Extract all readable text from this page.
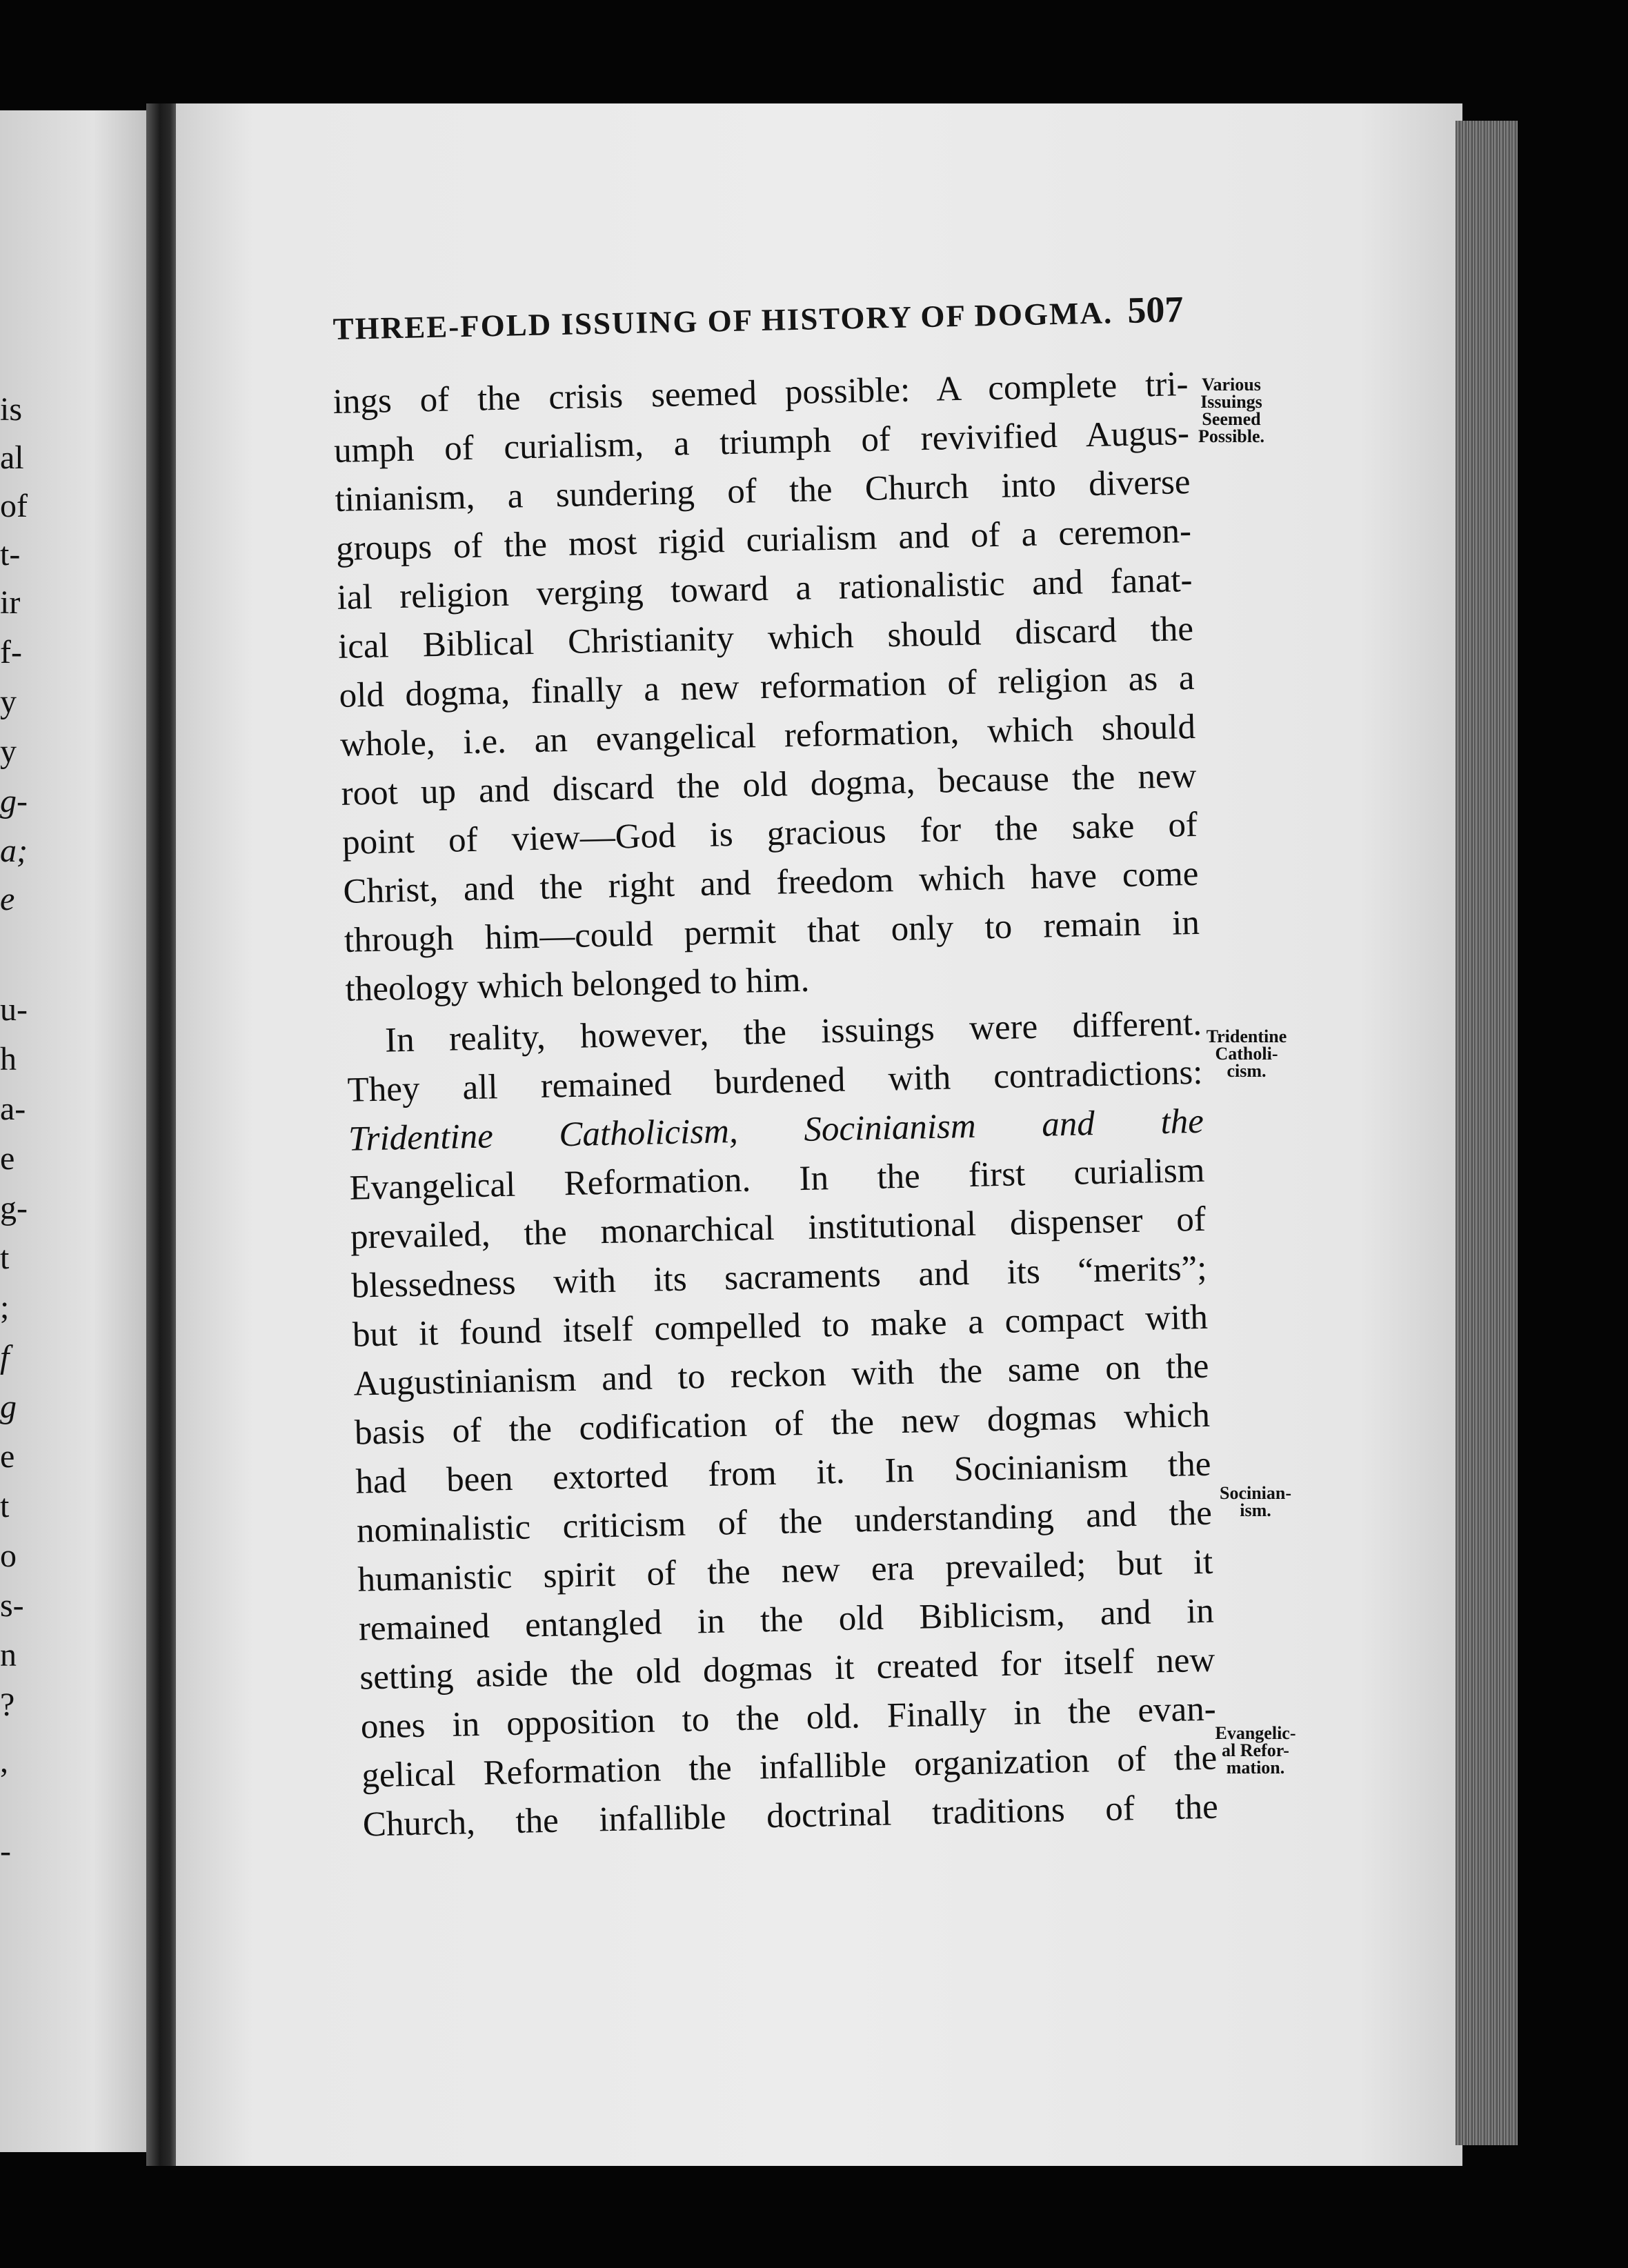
is
al
of
t-
ir
f-
y
y
g-
a;
e
u-
h
a-
e
g-
t
;
f
g
e
t
o
s-
n
?
,
-
THREE-FOLD ISSUING OF HISTORY OF DOGMA. 507
ings of the crisis seemed possible: A complete tri-
umph of curialism, a triumph of revivified Augus-
tinianism, a sundering of the Church into diverse
groups of the most rigid curialism and of a ceremon-
ial religion verging toward a rationalistic and fanat-
ical Biblical Christianity which should discard the
old dogma, finally a new reformation of religion as a
whole, i.e. an evangelical reformation, which should
root up and discard the old dogma, because the new
point of view—God is gracious for the sake of
Christ, and the right and freedom which have come
through him—could permit that only to remain in
theology which belonged to him.
In reality, however, the issuings were different.
They all remained burdened with contradictions:
Tridentine Catholicism, Socinianism and the
Evangelical Reformation. In the first curialism
prevailed, the monarchical institutional dispenser of
blessedness with its sacraments and its “merits”;
but it found itself compelled to make a compact with
Augustinianism and to reckon with the same on the
basis of the codification of the new dogmas which
had been extorted from it. In Socinianism the
nominalistic criticism of the understanding and the
humanistic spirit of the new era prevailed; but it
remained entangled in the old Biblicism, and in
setting aside the old dogmas it created for itself new
ones in opposition to the old. Finally in the evan-
gelical Reformation the infallible organization of the
Church, the infallible doctrinal traditions of the
Various
Issuings
Seemed
Possible.
Tridentine
Catholi-
cism.
Socinian-
ism.
Evangelic-
al Refor-
mation.
